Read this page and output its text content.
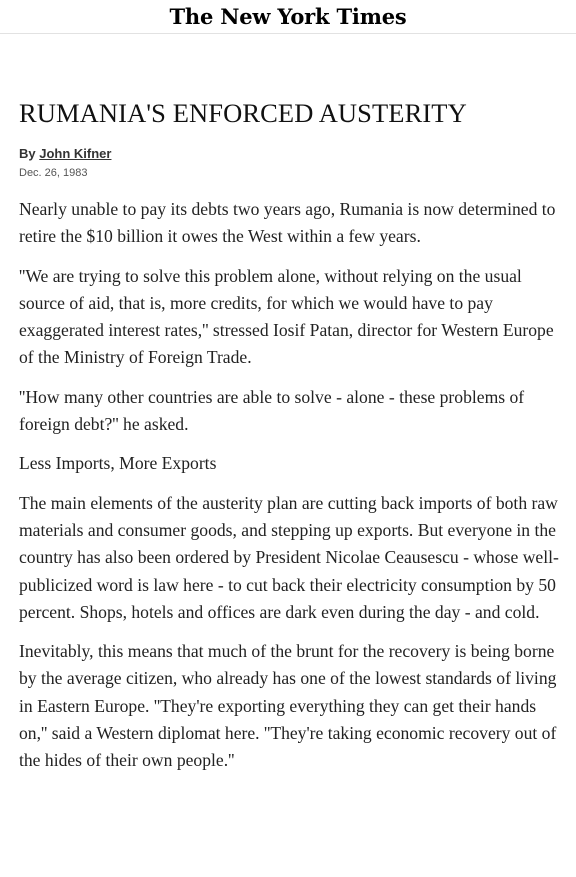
The New York Times
RUMANIA'S ENFORCED AUSTERITY
By John Kifner
Dec. 26, 1983

Nearly unable to pay its debts two years ago, Rumania is now determined to retire the $10 billion it owes the West within a few years.

''We are trying to solve this problem alone, without relying on the usual source of aid, that is, more credits, for which we would have to pay exaggerated interest rates,'' stressed Iosif Patan, director for Western Europe of the Ministry of Foreign Trade.

''How many other countries are able to solve - alone - these problems of foreign debt?'' he asked.

Less Imports, More Exports

The main elements of the austerity plan are cutting back imports of both raw materials and consumer goods, and stepping up exports. But everyone in the country has also been ordered by President Nicolae Ceausescu - whose well-publicized word is law here - to cut back their electricity consumption by 50 percent. Shops, hotels and offices are dark even during the day - and cold.

Inevitably, this means that much of the brunt for the recovery is being borne by the average citizen, who already has one of the lowest standards of living in Eastern Europe. ''They're exporting everything they can get their hands on,'' said a Western diplomat here. ''They're taking economic recovery out of the hides of their own people.''
